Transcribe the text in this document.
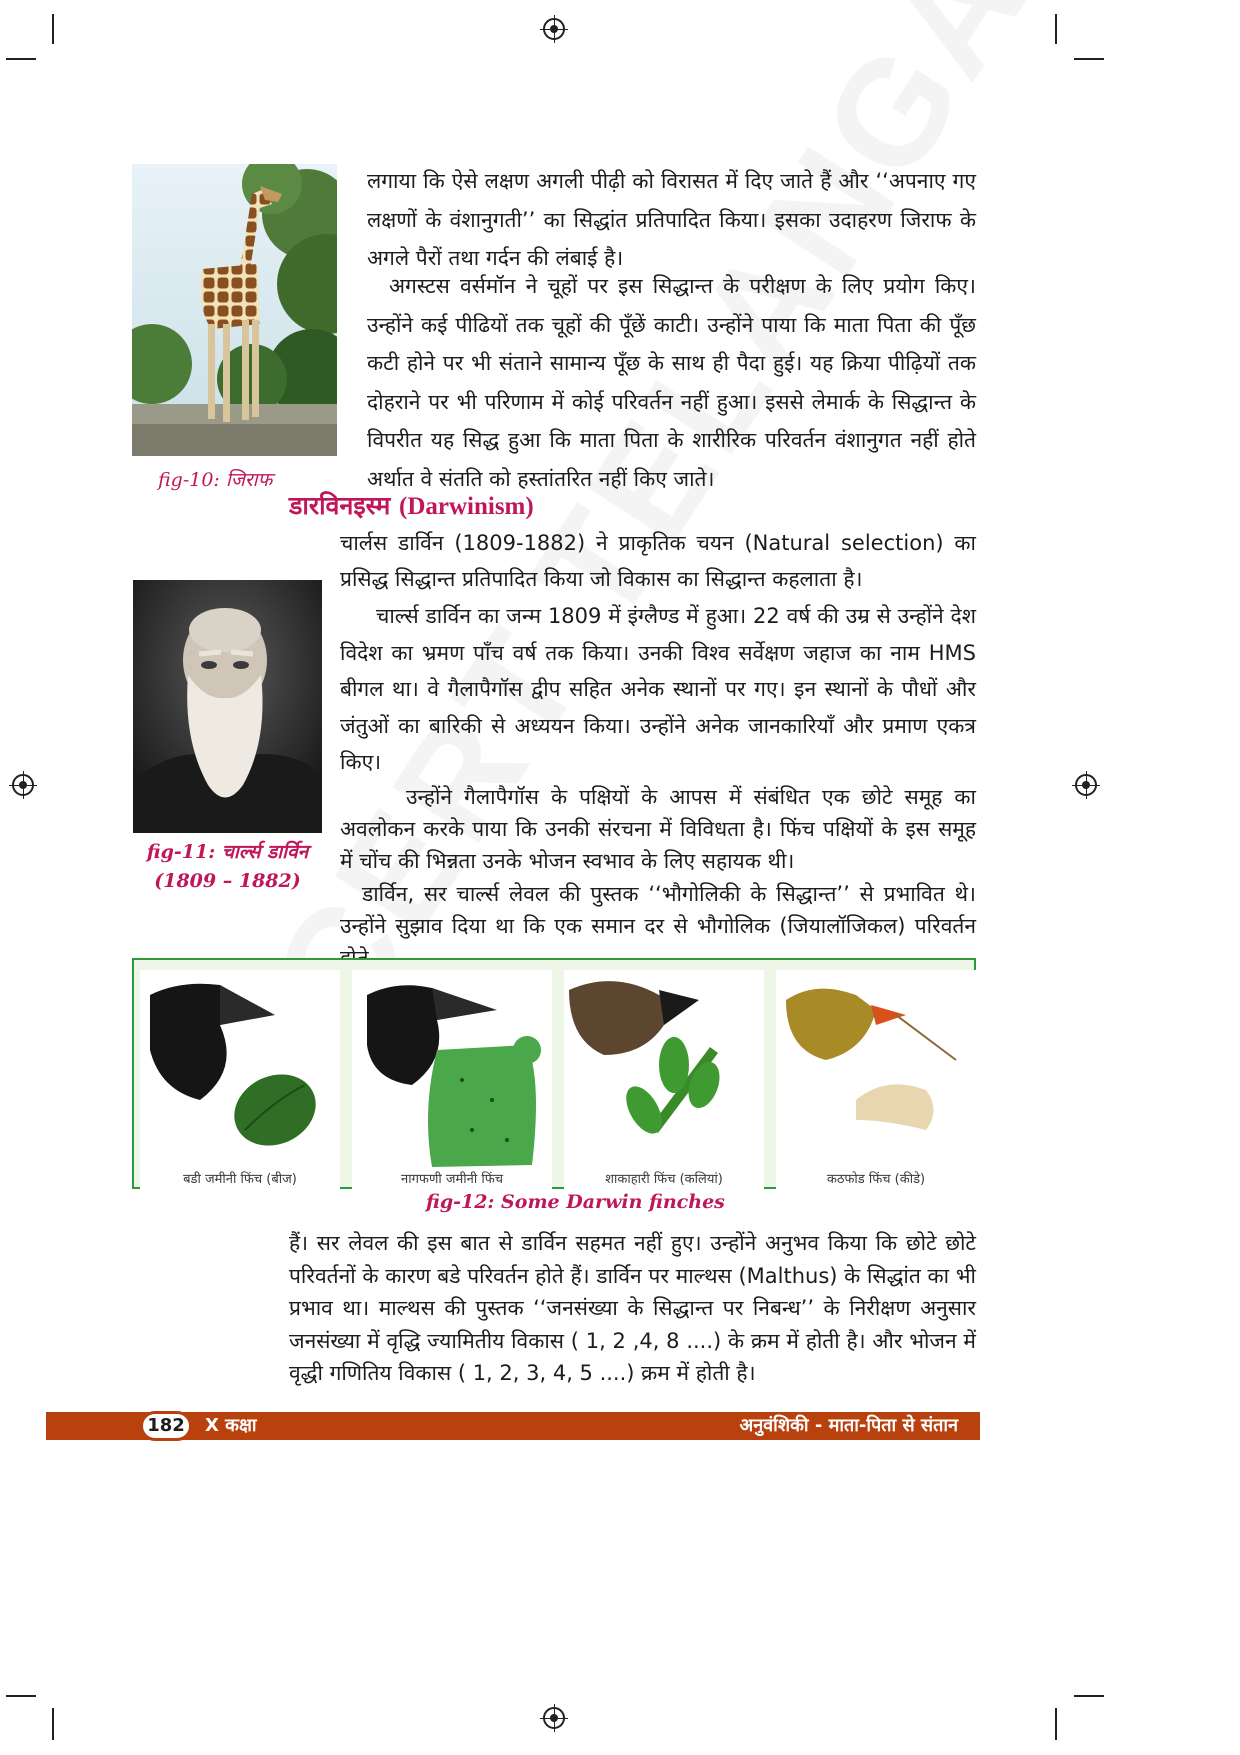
fig-10: जिराफ
लगाया कि ऐसे लक्षण अगली पीढ़ी को विरासत में दिए जाते हैं और ‘‘अपनाए गए लक्षणों के वंशानुगती’’ का सिद्धांत प्रतिपादित किया। इसका उदाहरण जिराफ के अगले पैरों तथा गर्दन की लंबाई है।
अगस्टस वर्समॉन ने चूहों पर इस सिद्धान्त के परीक्षण के लिए प्रयोग किए। उन्होंने कई पीढियों तक चूहों की पूँछें काटी। उन्होंने पाया कि माता पिता की पूँछ कटी होने पर भी संताने सामान्य पूँछ के साथ ही पैदा हुई। यह क्रिया पीढ़ियों तक दोहराने पर भी परिणाम में कोई परिवर्तन नहीं हुआ। इससे लेमार्क के सिद्धान्त के विपरीत यह सिद्ध हुआ कि माता पिता के शारीरिक परिवर्तन वंशानुगत नहीं होते अर्थात वे संतति को हस्तांतरित नहीं किए जाते।
डारविनइस्म (Darwinism)
चार्लस डार्विन (1809-1882) ने प्राकृतिक चयन (Natural selection) का प्रसिद्ध सिद्धान्त प्रतिपादित किया जो विकास का सिद्धान्त कहलाता है।
fig-11: चार्ल्स डार्विन
(1809 – 1882)
चार्ल्स डार्विन का जन्म 1809 में इंग्लैण्ड में हुआ। 22 वर्ष की उम्र से उन्होंने देश विदेश का भ्रमण पाँच वर्ष तक किया। उनकी विश्व सर्वेक्षण जहाज का नाम HMS बीगल था। वे गैलापैगॉस द्वीप सहित अनेक स्थानों पर गए। इन स्थानों के पौधों और जंतुओं का बारिकी से अध्ययन किया। उन्होंने अनेक जानकारियाँ और प्रमाण एकत्र किए।
उन्होंने गैलापैगॉस के पक्षियों के आपस में संबंधित एक छोटे समूह का अवलोकन करके पाया कि उनकी संरचना में विविधता है। फिंच पक्षियों के इस समूह में चोंच की भिन्नता उनके भोजन स्वभाव के लिए सहायक थी।
डार्विन, सर चार्ल्स लेवल की पुस्तक ‘‘भौगोलिकी के सिद्धान्त’’ से प्रभावित थे। उन्होंने सुझाव दिया था कि एक समान दर से भौगोलिक (जियालॉजिकल) परिवर्तन
बडी जमीनी फिंच (बीज)	नागफणी जमीनी फिंच	शाकाहारी फिंच (कलियां)	कठफोड फिंच (कीडे)
fig-12: Some Darwin finches
हैं। सर लेवल की इस बात से डार्विन सहमत नहीं हुए। उन्होंने अनुभव किया कि छोटे छोटे परिवर्तनों के कारण बडे परिवर्तन होते हैं। डार्विन पर माल्थस (Malthus) के सिद्धांत का भी प्रभाव था। माल्थस की पुस्तक ‘‘जनसंख्या के सिद्धान्त पर निबन्ध’’ के निरीक्षण अनुसार जनसंख्या में वृद्धि ज्यामितीय विकास ( 1, 2 ,4, 8 ....) के क्रम में होती है। और भोजन में वृद्धी गणितिय विकास ( 1, 2, 3, 4, 5 ....) क्रम में होती है।
182	X कक्षा	अनुवंशिकी - माता-पिता से संतान
